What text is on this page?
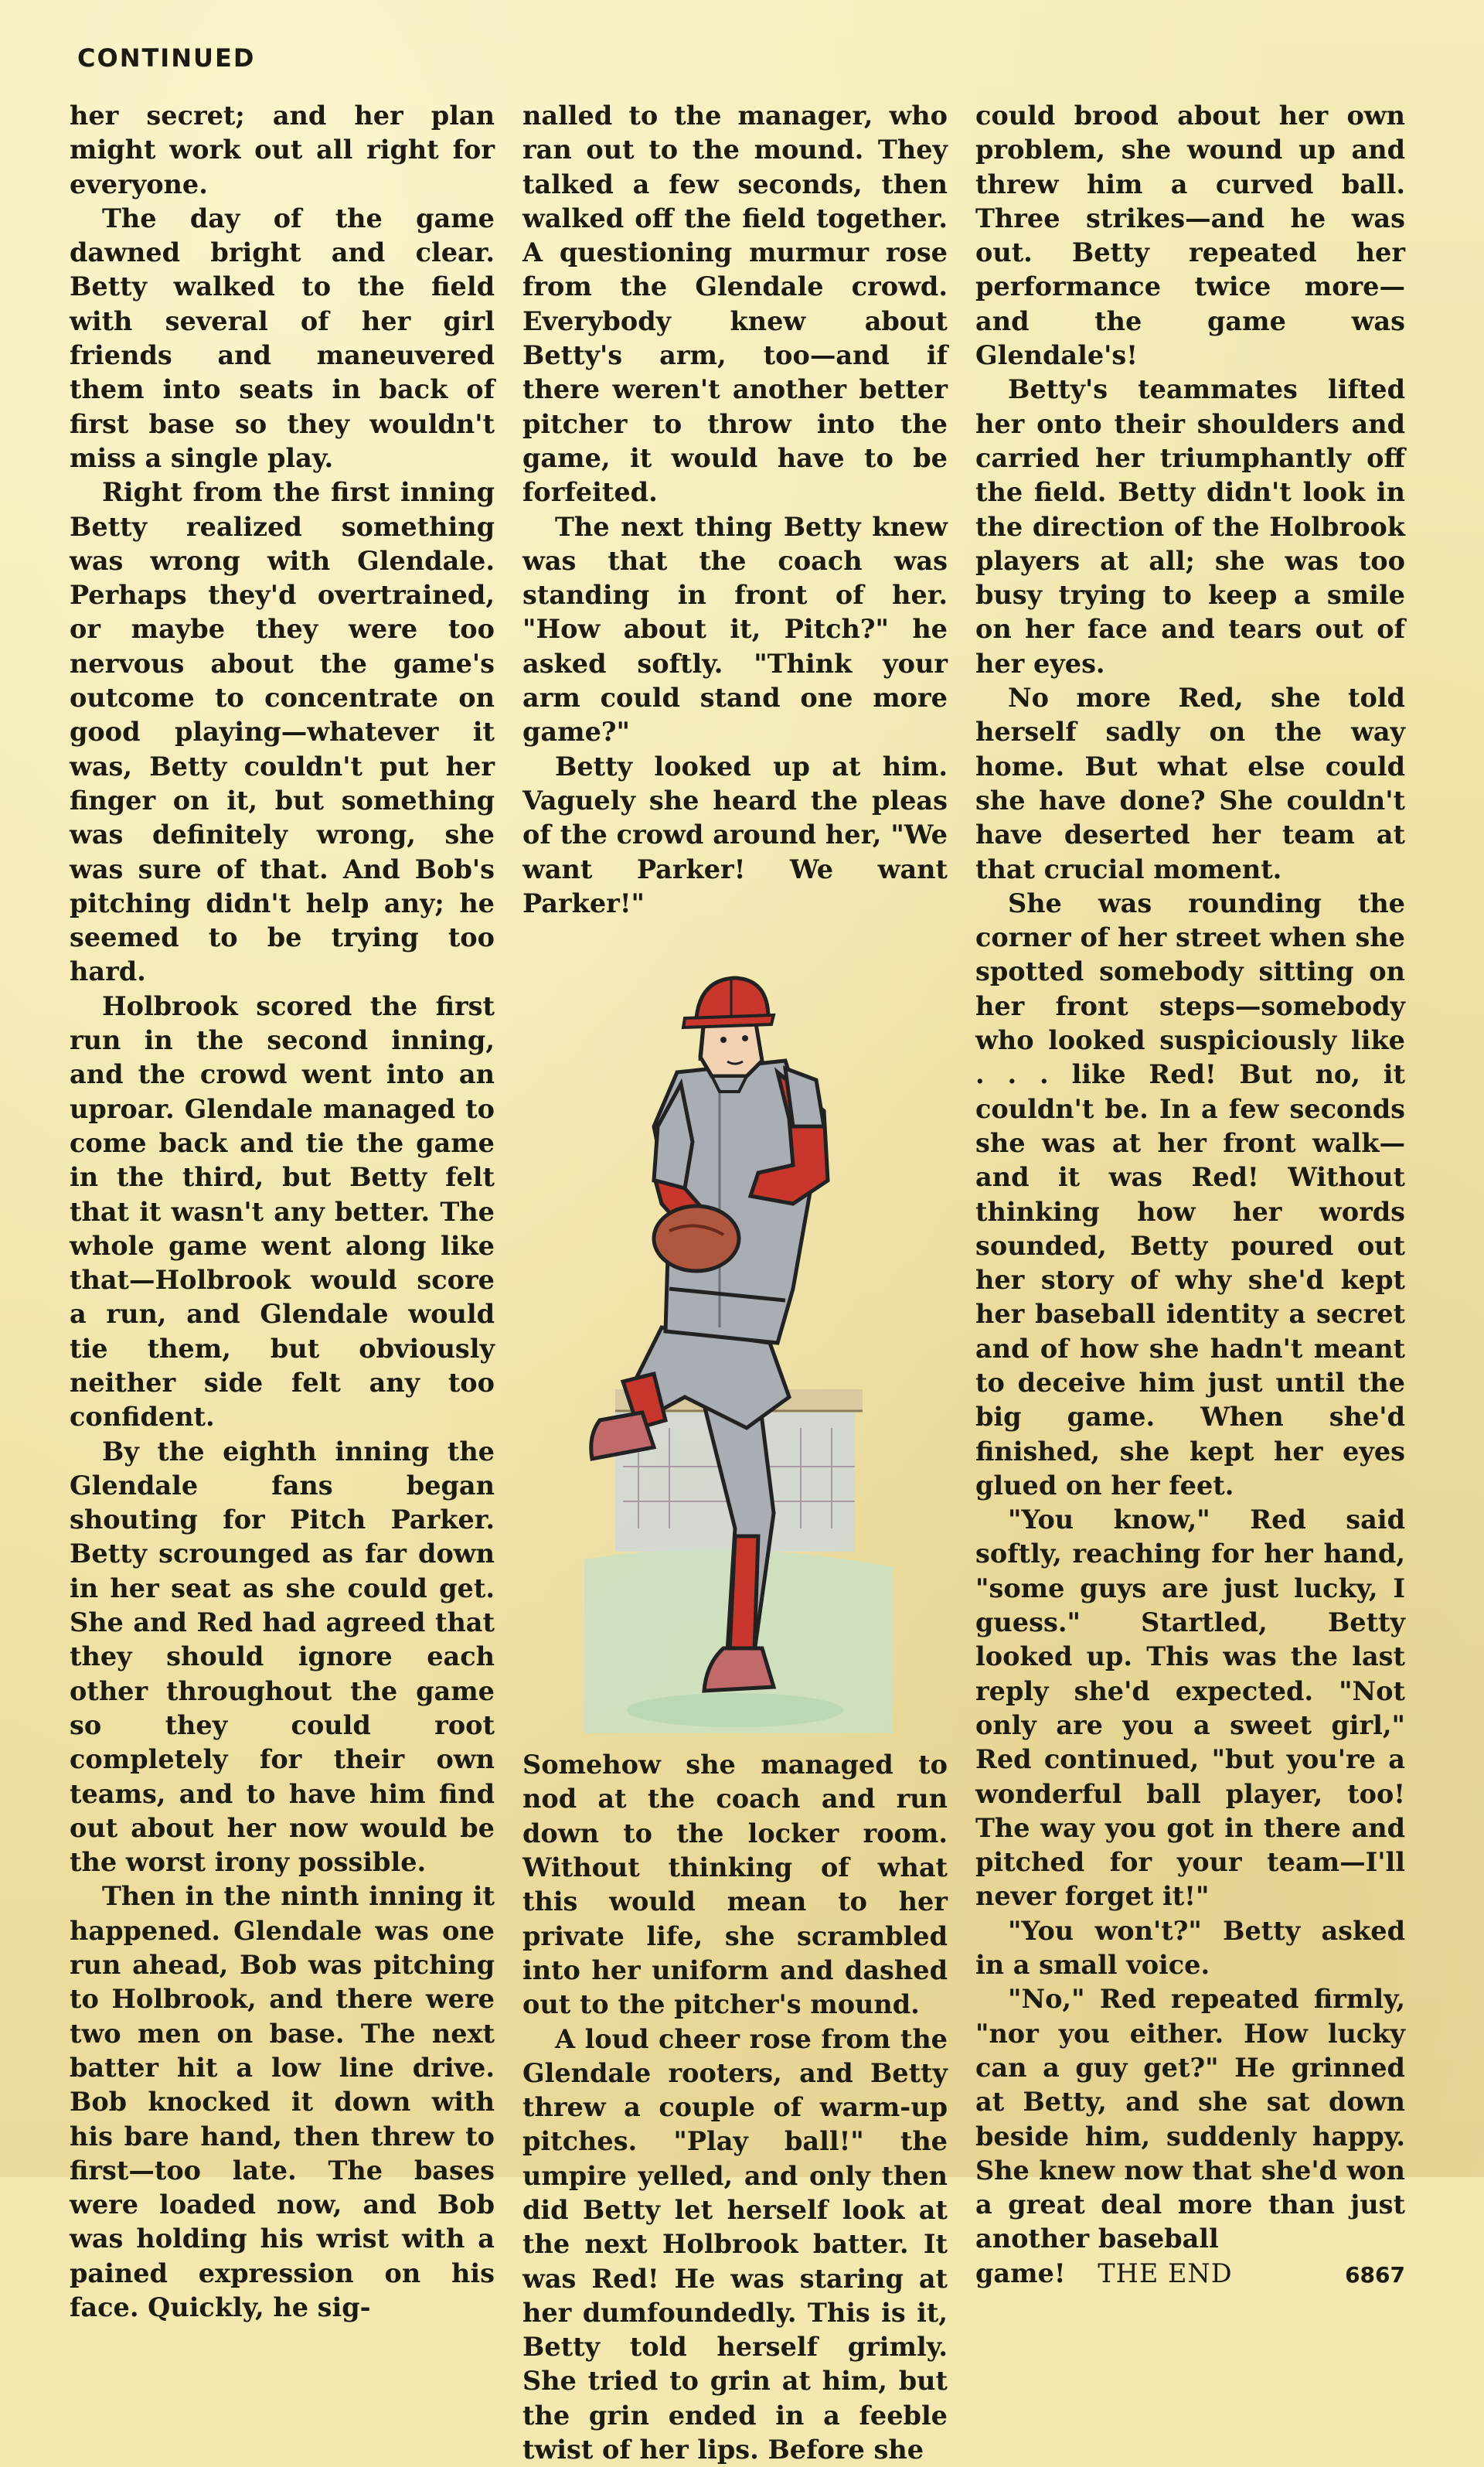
CONTINUED

her secret; and her plan might work out all right for everyone.

The day of the game dawned bright and clear. Betty walked to the field with several of her girl friends and maneuvered them into seats in back of first base so they wouldn't miss a single play.

Right from the first inning Betty realized something was wrong with Glendale. Perhaps they'd overtrained, or maybe they were too nervous about the game's outcome to concentrate on good playing—whatever it was, Betty couldn't put her finger on it, but something was definitely wrong, she was sure of that. And Bob's pitching didn't help any; he seemed to be trying too hard.

Holbrook scored the first run in the second inning, and the crowd went into an uproar. Glendale managed to come back and tie the game in the third, but Betty felt that it wasn't any better. The whole game went along like that—Holbrook would score a run, and Glendale would tie them, but obviously neither side felt any too confident.

By the eighth inning the Glendale fans began shouting for Pitch Parker. Betty scrounged as far down in her seat as she could get. She and Red had agreed that they should ignore each other throughout the game so they could root completely for their own teams, and to have him find out about her now would be the worst irony possible.

Then in the ninth inning it happened. Glendale was one run ahead, Bob was pitching to Holbrook, and there were two men on base. The next batter hit a low line drive. Bob knocked it down with his bare hand, then threw to first—too late. The bases were loaded now, and Bob was holding his wrist with a pained expression on his face. Quickly, he sig-

nalled to the manager, who ran out to the mound. They talked a few seconds, then walked off the field together. A questioning murmur rose from the Glendale crowd. Everybody knew about Betty's arm, too—and if there weren't another better pitcher to throw into the game, it would have to be forfeited.

The next thing Betty knew was that the coach was standing in front of her. "How about it, Pitch?" he asked softly. "Think your arm could stand one more game?"

Betty looked up at him. Vaguely she heard the pleas of the crowd around her, "We want Parker! We want Parker!"

Somehow she managed to nod at the coach and run down to the locker room. Without thinking of what this would mean to her private life, she scrambled into her uniform and dashed out to the pitcher's mound.

A loud cheer rose from the Glendale rooters, and Betty threw a couple of warm-up pitches. "Play ball!" the umpire yelled, and only then did Betty let herself look at the next Holbrook batter. It was Red! He was staring at her dumfoundedly. This is it, Betty told herself grimly. She tried to grin at him, but the grin ended in a feeble twist of her lips. Before she

could brood about her own problem, she wound up and threw him a curved ball. Three strikes—and he was out. Betty repeated her performance twice more—and the game was Glendale's!

Betty's teammates lifted her onto their shoulders and carried her triumphantly off the field. Betty didn't look in the direction of the Holbrook players at all; she was too busy trying to keep a smile on her face and tears out of her eyes.

No more Red, she told herself sadly on the way home. But what else could she have done? She couldn't have deserted her team at that crucial moment.

She was rounding the corner of her street when she spotted somebody sitting on her front steps—somebody who looked suspiciously like . . . like Red! But no, it couldn't be. In a few seconds she was at her front walk—and it was Red! Without thinking how her words sounded, Betty poured out her story of why she'd kept her baseball identity a secret and of how she hadn't meant to deceive him just until the big game. When she'd finished, she kept her eyes glued on her feet.

"You know," Red said softly, reaching for her hand, "some guys are just lucky, I guess." Startled, Betty looked up. This was the last reply she'd expected. "Not only are you a sweet girl," Red continued, "but you're a wonderful ball player, too! The way you got in there and pitched for your team—I'll never forget it!"

"You won't?" Betty asked in a small voice.

"No," Red repeated firmly, "nor you either. How lucky can a guy get?" He grinned at Betty, and she sat down beside him, suddenly happy. She knew now that she'd won a great deal more than just another baseball

game! THE END	6867
